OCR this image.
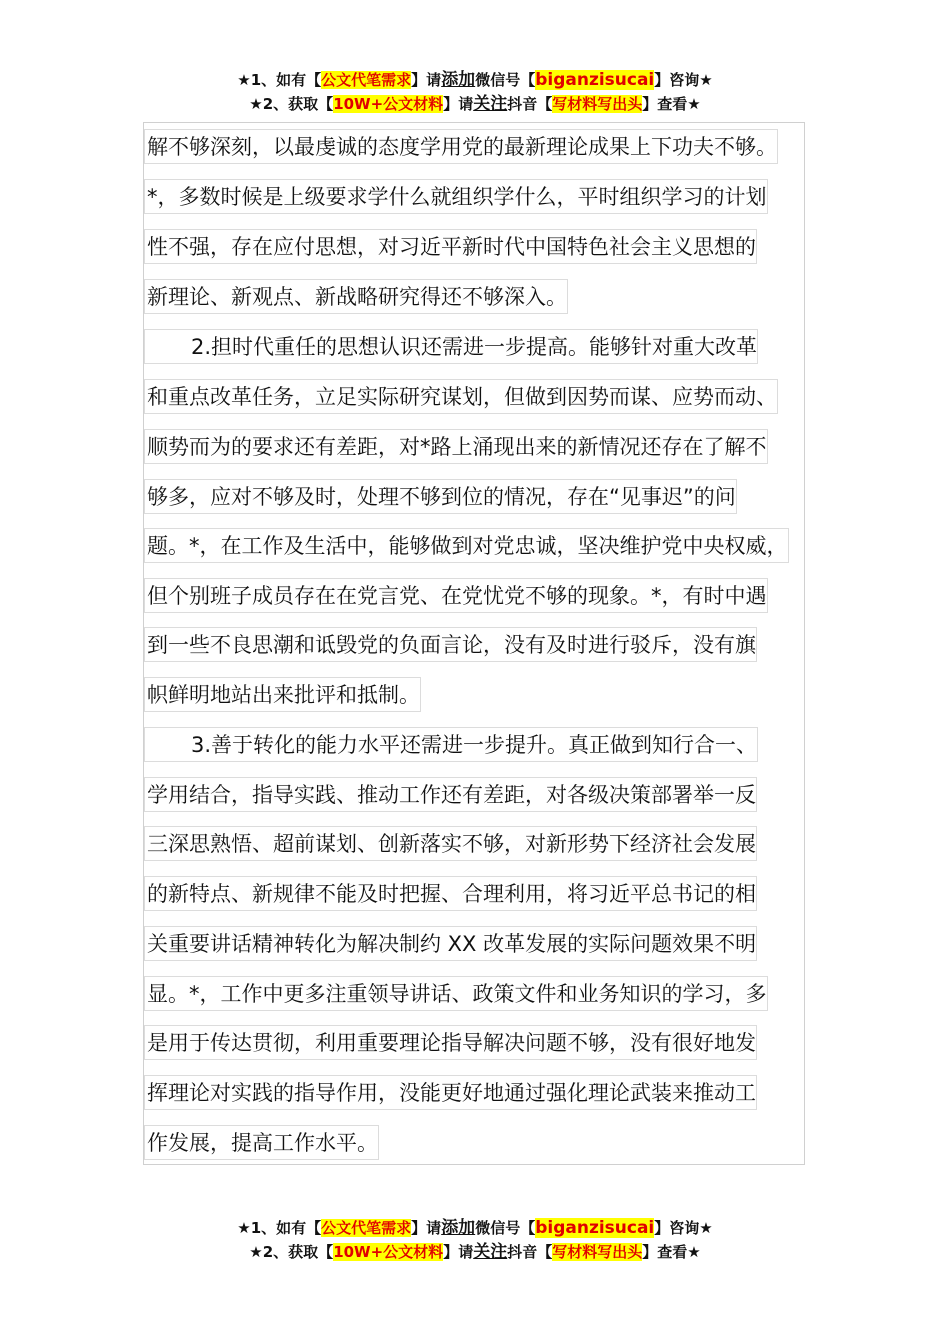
★1、如有【公文代笔需求】请添加微信号【biganzisucai】咨询★
★2、获取【10W+公文材料】请关注抖音【写材料写出头】查看★
解不够深刻，以最虔诚的态度学用党的最新理论成果上下功夫不够。
*，多数时候是上级要求学什么就组织学什么，平时组织学习的计划
性不强，存在应付思想，对习近平新时代中国特色社会主义思想的
新理论、新观点、新战略研究得还不够深入。
2.担时代重任的思想认识还需进一步提高。能够针对重大改革
和重点改革任务，立足实际研究谋划，但做到因势而谋、应势而动、
顺势而为的要求还有差距，对*路上涌现出来的新情况还存在了解不
够多，应对不够及时，处理不够到位的情况，存在“见事迟”的问
题。*，在工作及生活中，能够做到对党忠诚，坚决维护党中央权威，
但个别班子成员存在在党言党、在党忧党不够的现象。*，有时中遇
到一些不良思潮和诋毁党的负面言论，没有及时进行驳斥，没有旗
帜鲜明地站出来批评和抵制。
3.善于转化的能力水平还需进一步提升。真正做到知行合一、
学用结合，指导实践、推动工作还有差距，对各级决策部署举一反
三深思熟悟、超前谋划、创新落实不够，对新形势下经济社会发展
的新特点、新规律不能及时把握、合理利用，将习近平总书记的相
关重要讲话精神转化为解决制约 XX 改革发展的实际问题效果不明
显。*，工作中更多注重领导讲话、政策文件和业务知识的学习，多
是用于传达贯彻，利用重要理论指导解决问题不够，没有很好地发
挥理论对实践的指导作用，没能更好地通过强化理论武装来推动工
作发展，提高工作水平。
★1、如有【公文代笔需求】请添加微信号【biganzisucai】咨询★
★2、获取【10W+公文材料】请关注抖音【写材料写出头】查看★
